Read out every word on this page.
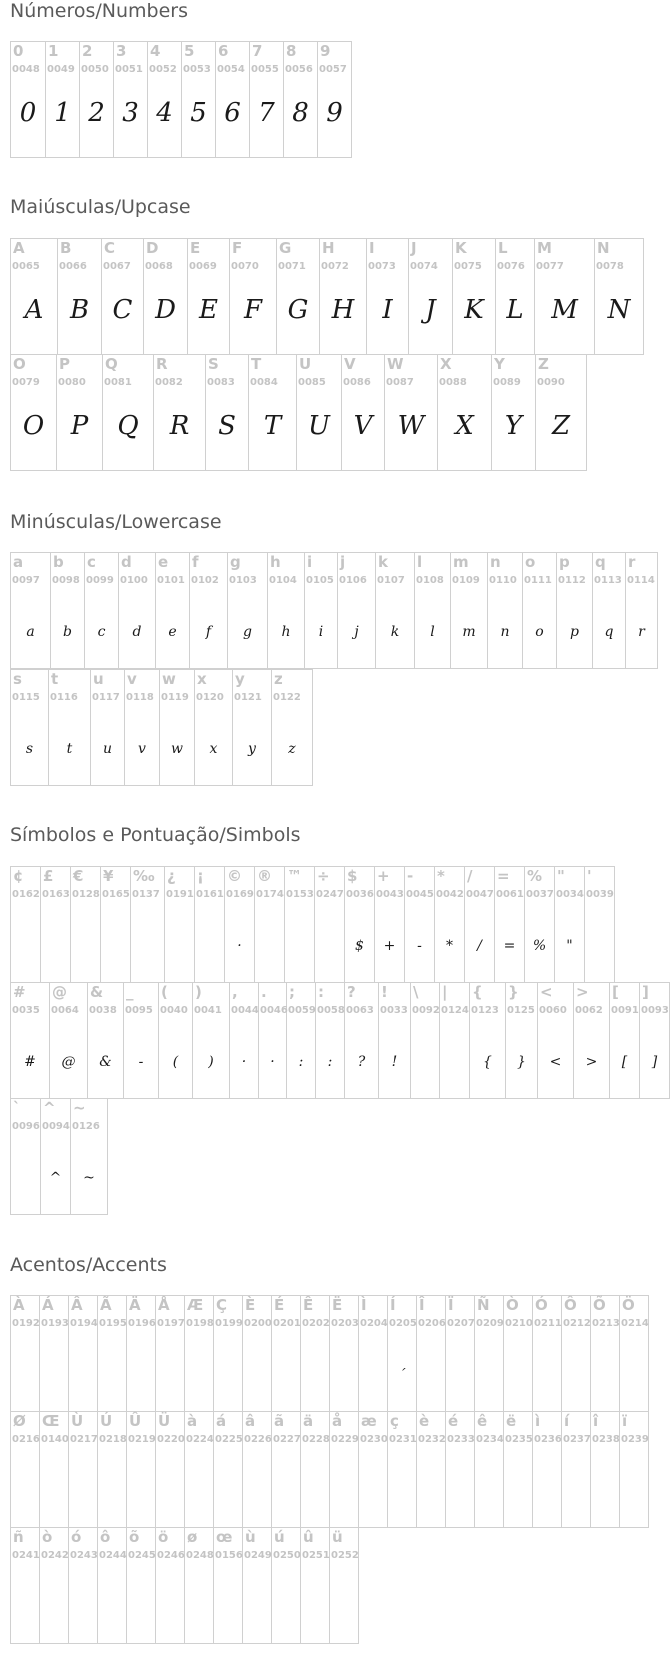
Números/Numbers
0
0048
0
1
0049
1
2
0050
2
3
0051
3
4
0052
4
5
0053
5
6
0054
6
7
0055
7
8
0056
8
9
0057
9
Maiúsculas/Upcase
A
0065
A
B
0066
B
C
0067
C
D
0068
D
E
0069
E
F
0070
F
G
0071
G
H
0072
H
I
0073
I
J
0074
J
K
0075
K
L
0076
L
M
0077
M
N
0078
N
O
0079
O
P
0080
P
Q
0081
Q
R
0082
R
S
0083
S
T
0084
T
U
0085
U
V
0086
V
W
0087
W
X
0088
X
Y
0089
Y
Z
0090
Z
Minúsculas/Lowercase
a
0097
a
b
0098
b
c
0099
c
d
0100
d
e
0101
e
f
0102
f
g
0103
g
h
0104
h
i
0105
i
j
0106
j
k
0107
k
l
0108
l
m
0109
m
n
0110
n
o
0111
o
p
0112
p
q
0113
q
r
0114
r
s
0115
s
t
0116
t
u
0117
u
v
0118
v
w
0119
w
x
0120
x
y
0121
y
z
0122
z
Símbolos e Pontuação/Simbols
¢
0162
£
0163
€
0128
¥
0165
‰
0137
¿
0191
¡
0161
©
0169
·
®
0174
™
0153
÷
0247
$
0036
$
+
0043
+
-
0045
-
*
0042
*
/
0047
/
=
0061
=
%
0037
%
"
0034
"
'
0039
#
0035
#
@
0064
@
&
0038
&
_
0095
-
(
0040
(
)
0041
)
,
0044
·
.
0046
·
;
0059
:
:
0058
:
?
0063
?
!
0033
!
\
0092
|
0124
{
0123
{
}
0125
}
<
0060
<
>
0062
>
[
0091
[
]
0093
]
`
0096
^
0094
^
~
0126
~
Acentos/Accents
À
0192
Á
0193
Â
0194
Ã
0195
Ä
0196
Å
0197
Æ
0198
Ç
0199
È
0200
É
0201
Ê
0202
Ë
0203
Ì
0204
Í
0205
´
Î
0206
Ï
0207
Ñ
0209
Ò
0210
Ó
0211
Ô
0212
Õ
0213
Ö
0214
Ø
0216
Œ
0140
Ù
0217
Ú
0218
Û
0219
Ü
0220
à
0224
á
0225
â
0226
ã
0227
ä
0228
å
0229
æ
0230
ç
0231
è
0232
é
0233
ê
0234
ë
0235
ì
0236
í
0237
î
0238
ï
0239
ñ
0241
ò
0242
ó
0243
ô
0244
õ
0245
ö
0246
ø
0248
œ
0156
ù
0249
ú
0250
û
0251
ü
0252
